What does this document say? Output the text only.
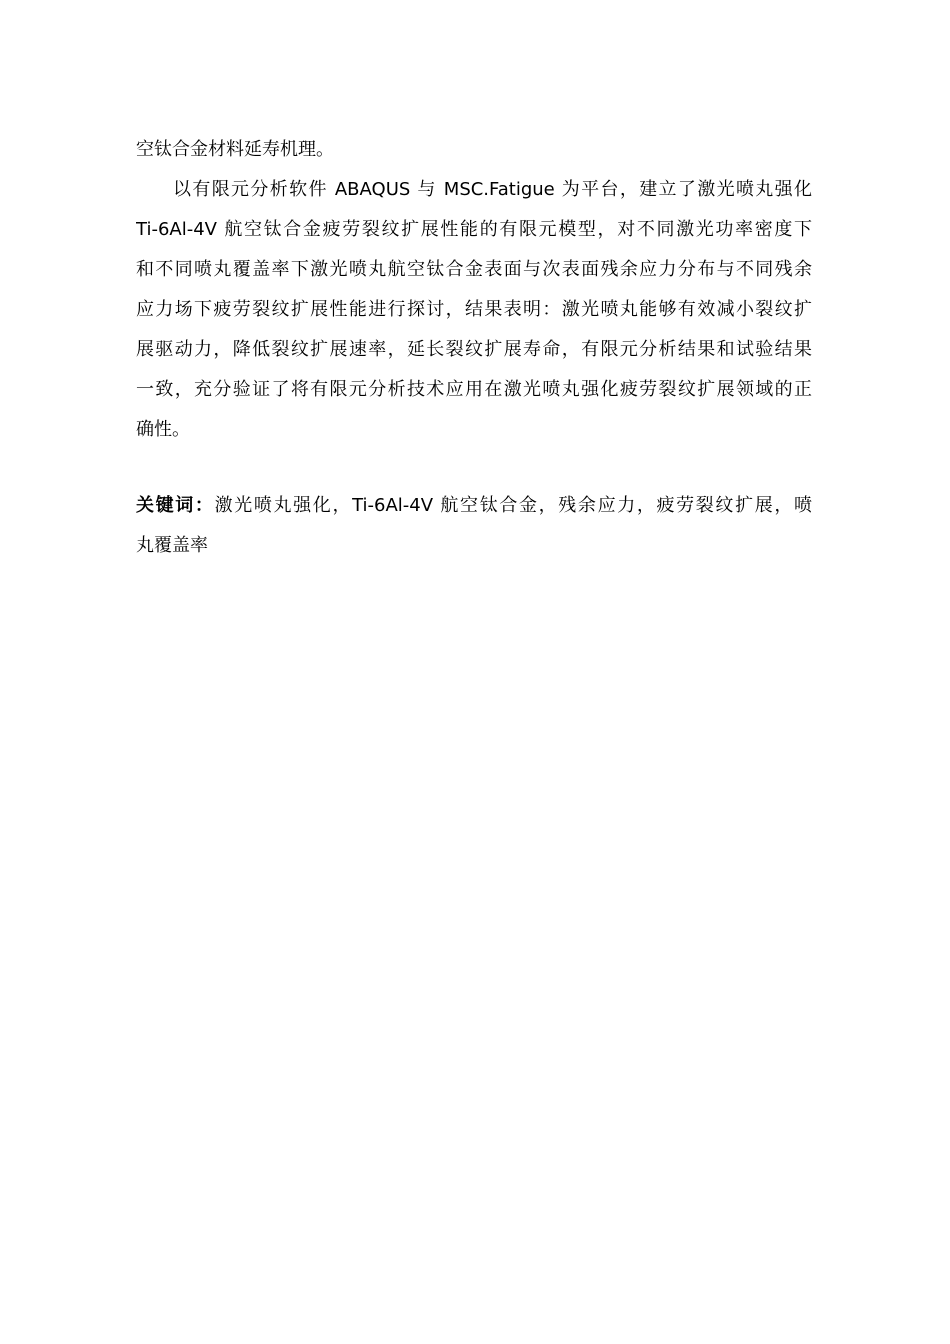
空钛合金材料延寿机理。
以有限元分析软件 ABAQUS 与 MSC.Fatigue 为平台，建立了激光喷丸强化
Ti-6Al-4V 航空钛合金疲劳裂纹扩展性能的有限元模型，对不同激光功率密度下
和不同喷丸覆盖率下激光喷丸航空钛合金表面与次表面残余应力分布与不同残余
应力场下疲劳裂纹扩展性能进行探讨，结果表明：激光喷丸能够有效减小裂纹扩
展驱动力，降低裂纹扩展速率，延长裂纹扩展寿命，有限元分析结果和试验结果
一致，充分验证了将有限元分析技术应用在激光喷丸强化疲劳裂纹扩展领域的正
确性。
关键词：激光喷丸强化，Ti-6Al-4V 航空钛合金，残余应力，疲劳裂纹扩展，喷
丸覆盖率
